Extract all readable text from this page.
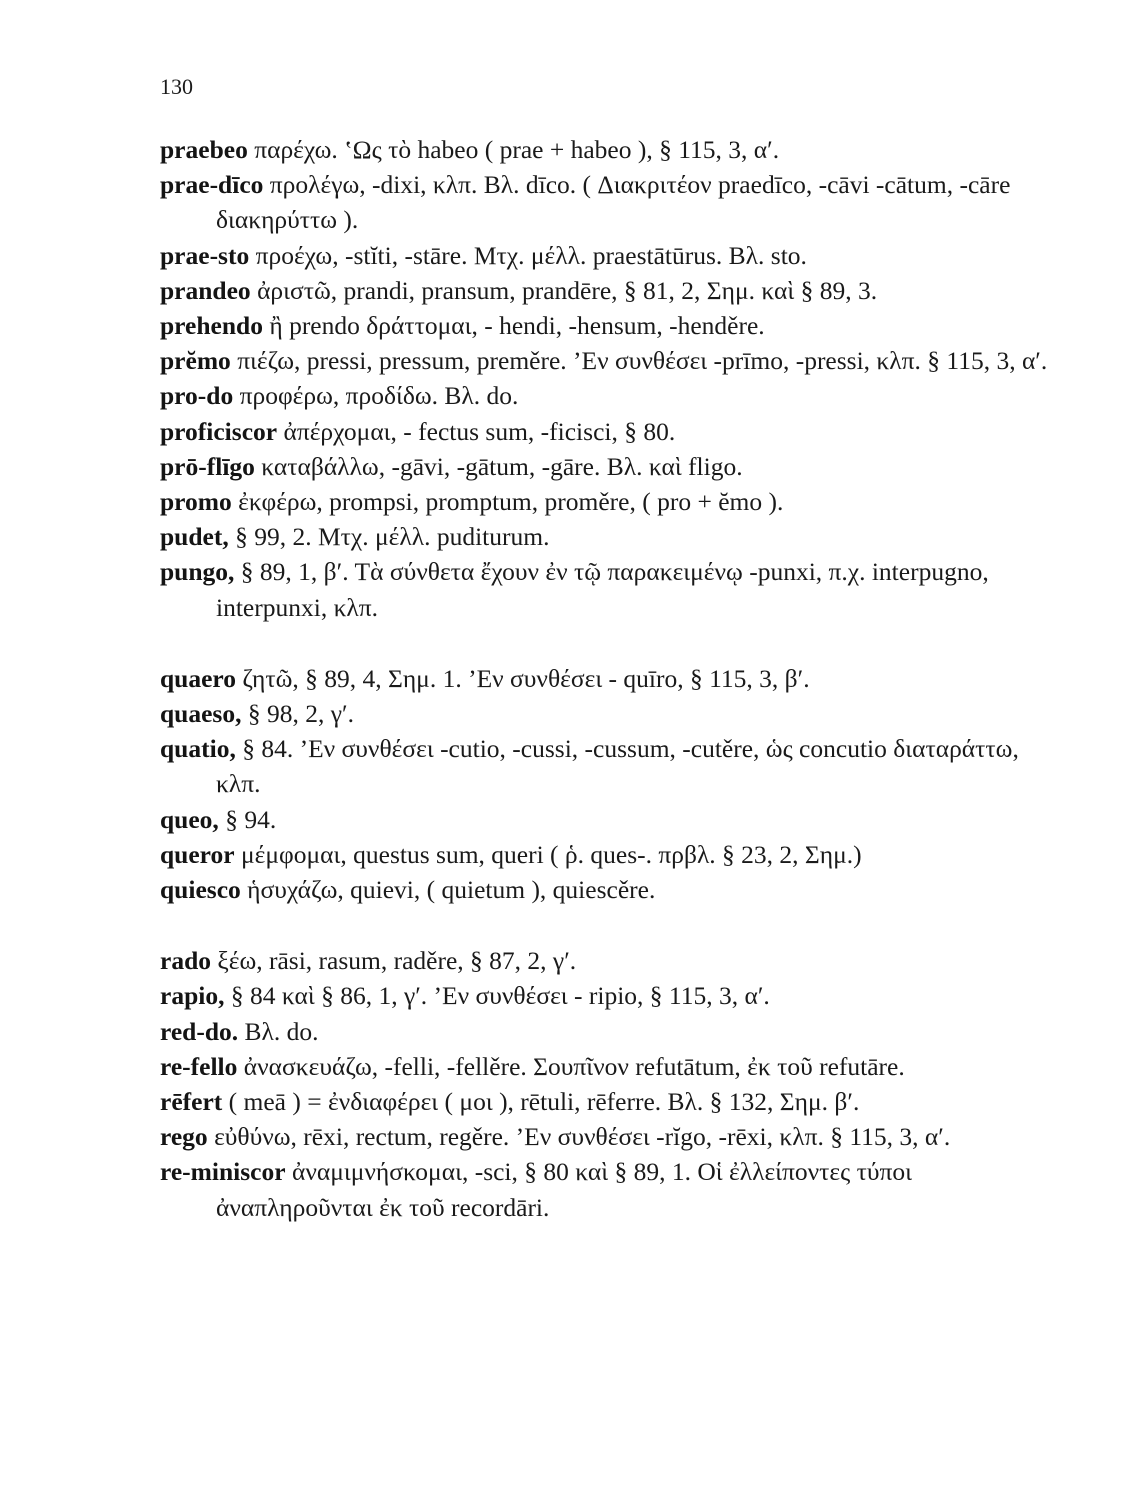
130

praebeo παρέχω. ‛Ως τὸ habeo ( prae + habeo ), § 115, 3, α′.

prae-dīco προλέγω, -dixi, κλπ. Βλ. dīco. ( Διακριτέον praedīco, -cāvi -cātum, -cāre διακηρύττω ).

prae-sto προέχω, -stĭti, -stāre. Μτχ. μέλλ. praestātūrus. Βλ. sto.

prandeo ἀριστῶ, prandi, pransum, prandēre, § 81, 2, Σημ. καὶ § 89, 3.

prehendo ἢ prendo δράττομαι, - hendi, -hensum, -henděre.

prĕmo πιέζω, pressi, pressum, preměre. ’Εν συνθέσει -prīmo, -pressi, κλπ. § 115, 3, α′.

pro-do προφέρω, προδίδω. Βλ. do.

proficiscor ἀπέρχομαι, - fectus sum, -ficisci, § 80.

prō-flīgo καταβάλλω, -gāvi, -gātum, -gāre. Βλ. καὶ fligo.

promo ἐκφέρω, prompsi, promptum, proměre, ( pro + ĕmo ).

pudet, § 99, 2. Μτχ. μέλλ. puditurum.

pungo, § 89, 1, β′. Τὰ σύνθετα ἔχουν ἐν τῷ παρακειμένῳ -punxi, π.χ. interpugno, interpunxi, κλπ.

quaero ζητῶ, § 89, 4, Σημ. 1. ’Εν συνθέσει - quīro, § 115, 3, β′.

quaeso, § 98, 2, γ′.

quatio, § 84. ’Εν συνθέσει -cutio, -cussi, -cussum, -cutěre, ὡς concutio διαταράττω, κλπ.

queo, § 94.

queror μέμφομαι, questus sum, queri ( ῥ. ques-. πρβλ. § 23, 2, Σημ.)

quiesco ἡσυχάζω, quievi, ( quietum ), quiescěre.

rado ξέω, rāsi, rasum, raděre, § 87, 2, γ′.

rapio, § 84 καὶ § 86, 1, γ′. ’Εν συνθέσει - ripio, § 115, 3, α′.

red-do. Βλ. do.

re-fello ἀνασκευάζω, -felli, -fellěre. Σουπῖνον refutātum, ἐκ τοῦ refutāre.

rēfert ( meā ) = ἐνδιαφέρει ( μοι ), rētuli, rēferre. Βλ. § 132, Σημ. β′.

rego εὐθύνω, rēxi, rectum, regěre. ’Εν συνθέσει -rĭgo, -rēxi, κλπ. § 115, 3, α′.

re-miniscor ἀναμιμνήσκομαι, -sci, § 80 καὶ § 89, 1. Οἱ ἐλλείποντες τύποι ἀναπληροῦνται ἐκ τοῦ recordāri.
